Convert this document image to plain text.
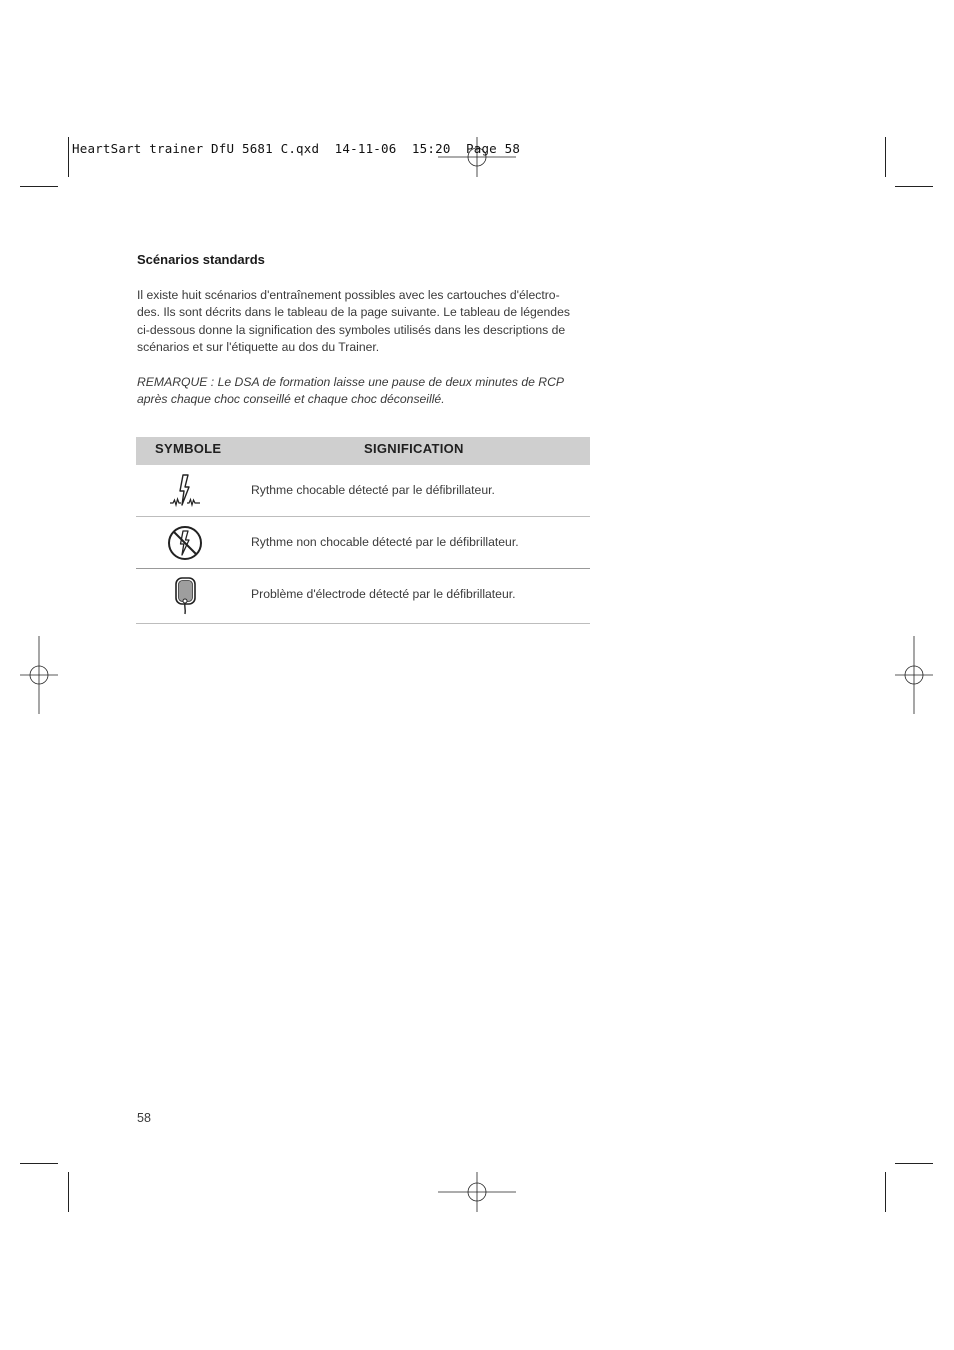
HeartSart trainer DfU 5681 C.qxd  14-11-06  15:20  Page 58
Scénarios standards
Il existe huit scénarios d'entraînement possibles avec les cartouches d'électro-
des. Ils sont décrits dans le tableau de la page suivante. Le tableau de légendes
ci-dessous donne la signification des symboles utilisés dans les descriptions de
scénarios et sur l'étiquette au dos du Trainer.
REMARQUE : Le DSA de formation laisse une pause de deux minutes de RCP
après chaque choc conseillé et chaque choc déconseillé.
SYMBOLE	SIGNIFICATION
Rythme chocable détecté par le défibrillateur.
Rythme non chocable détecté par le défibrillateur.
Problème d'électrode détecté par le défibrillateur.
58
